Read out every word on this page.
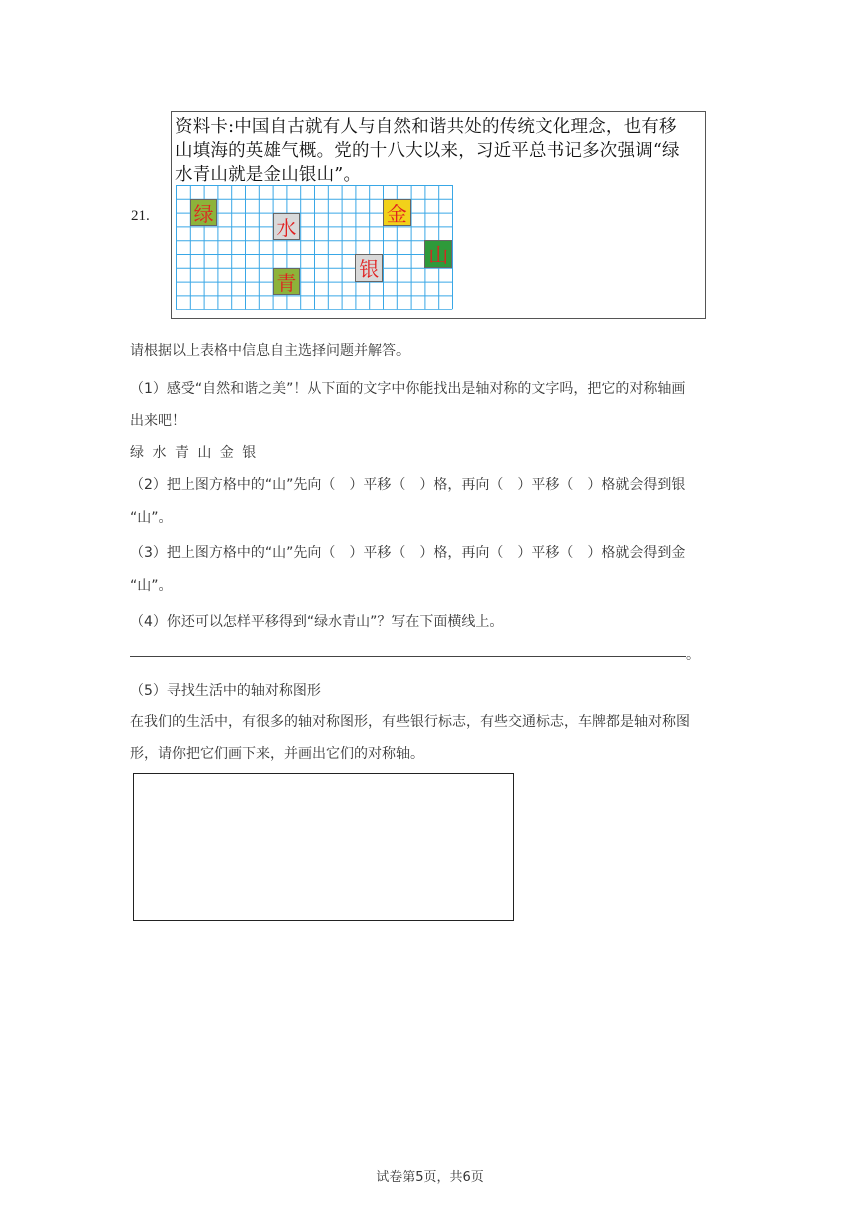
21.
资料卡:中国自古就有人与自然和谐共处的传统文化理念，也有移
山填海的英雄气概。党的十八大以来，习近平总书记多次强调“绿
水青山就是金山银山”。
绿
水
青
金
银
山
请根据以上表格中信息自主选择问题并解答。
（1）感受“自然和谐之美”！从下面的文字中你能找出是轴对称的文字吗，把它的对称轴画
出来吧！
绿 水 青 山 金 银
（2）把上图方格中的“山”先向（　）平移（　）格，再向（　）平移（　）格就会得到银
“山”。
（3）把上图方格中的“山”先向（　）平移（　）格，再向（　）平移（　）格就会得到金
“山”。
（4）你还可以怎样平移得到“绿水青山”？写在下面横线上。
。
（5）寻找生活中的轴对称图形
在我们的生活中，有很多的轴对称图形，有些银行标志，有些交通标志，车牌都是轴对称图
形，请你把它们画下来，并画出它们的对称轴。
试卷第5页，共6页
